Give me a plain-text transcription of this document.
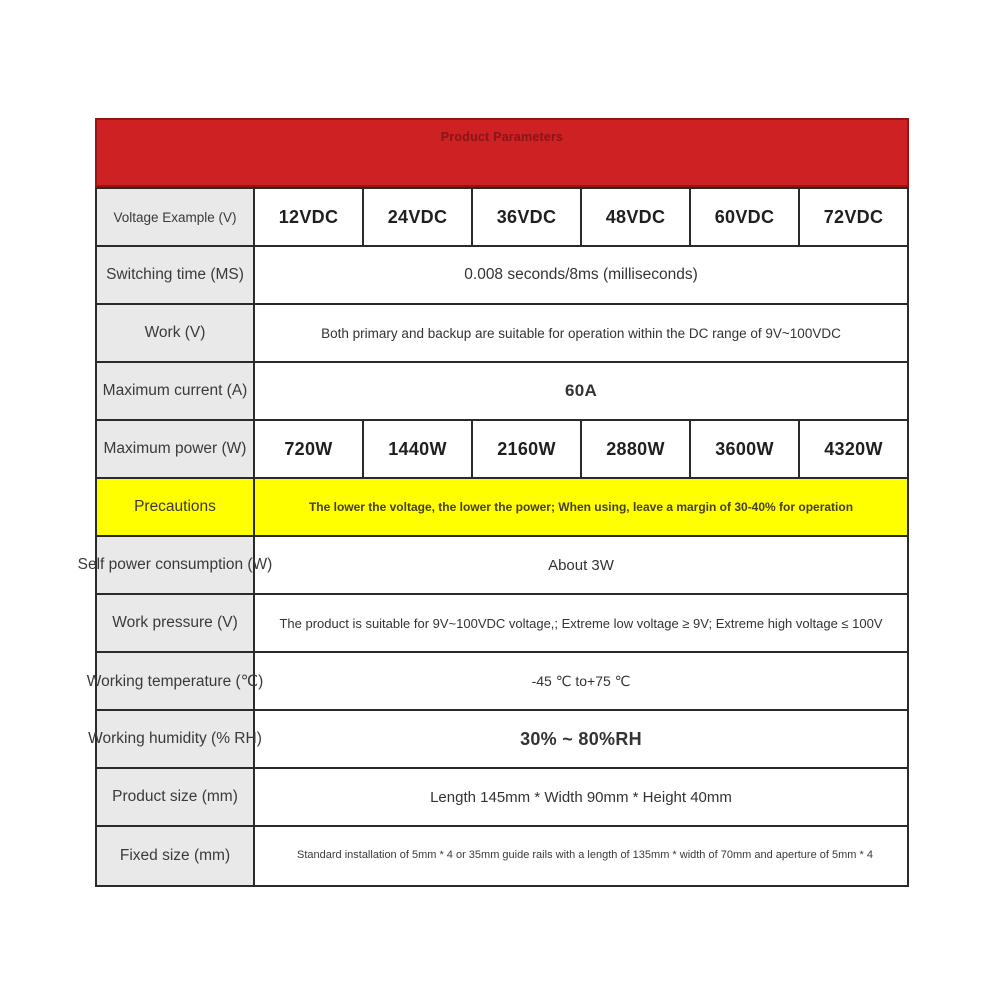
Product Parameters
Voltage Example (V)	12VDC	24VDC	36VDC	48VDC	60VDC	72VDC
Switching time (MS)	0.008 seconds/8ms (milliseconds)
Work (V)	Both primary and backup are suitable for operation within the DC range of 9V~100VDC
Maximum current (A)	60A
Maximum power (W)	720W	1440W	2160W	2880W	3600W	4320W
Precautions	The lower the voltage, the lower the power; When using, leave a margin of 30-40% for operation
Self power consumption (W)	About 3W
Work pressure (V)	The product is suitable for 9V~100VDC voltage,; Extreme low voltage ≥ 9V; Extreme high voltage ≤ 100V
Working temperature (℃)	-45 ℃ to+75 ℃
Working humidity (% RH)	30% ~ 80%RH
Product size (mm)	Length 145mm * Width 90mm * Height 40mm
Fixed size (mm)	Standard installation of 5mm * 4 or 35mm guide rails with a length of 135mm * width of 70mm and aperture of 5mm * 4
